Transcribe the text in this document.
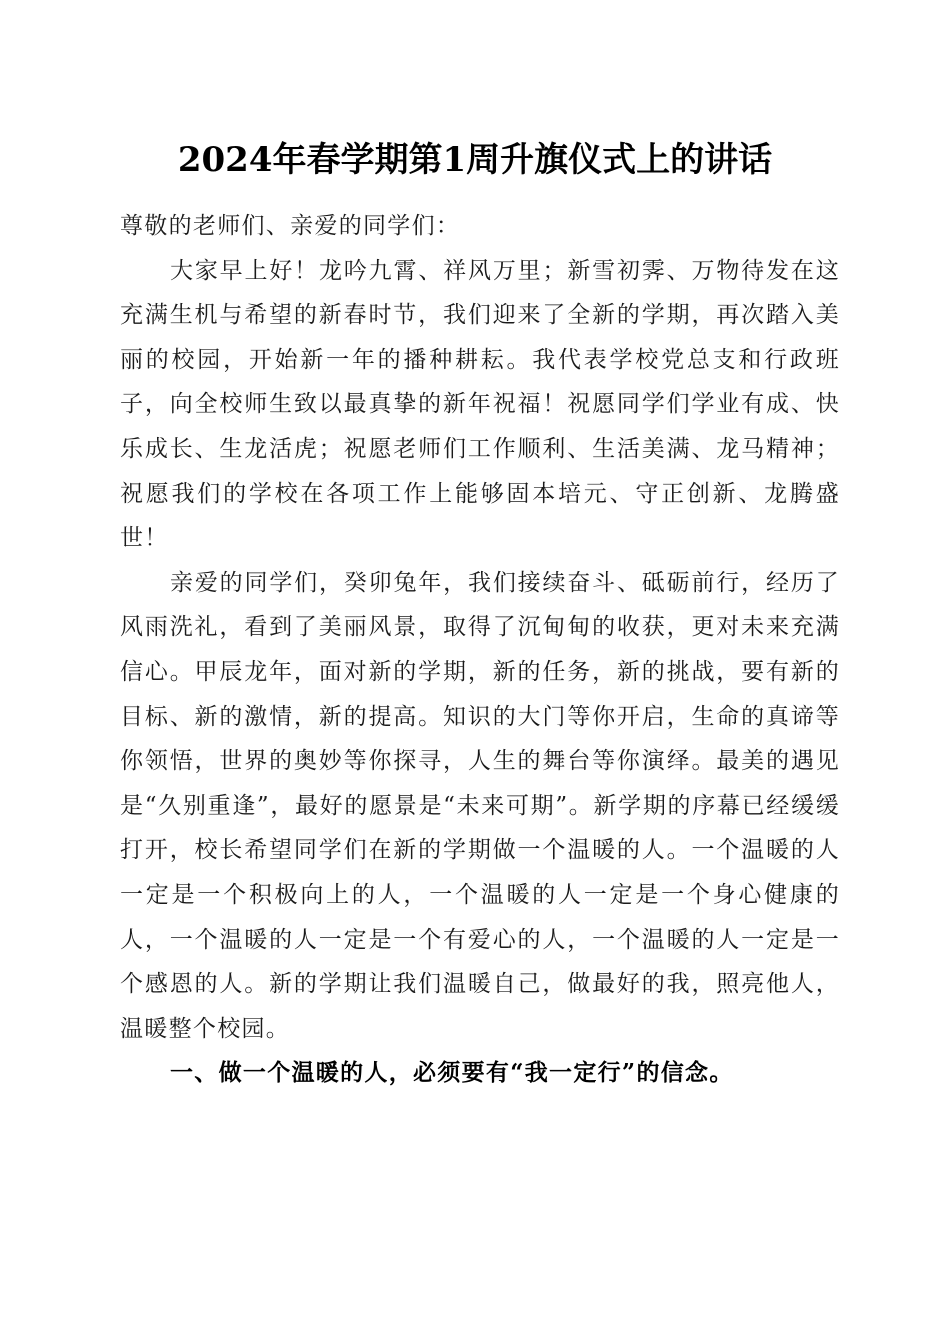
2024年春学期第1周升旗仪式上的讲话

尊敬的老师们、亲爱的同学们：

大家早上好！龙吟九霄、祥风万里；新雪初霁、万物待发在这充满生机与希望的新春时节，我们迎来了全新的学期，再次踏入美丽的校园，开始新一年的播种耕耘。我代表学校党总支和行政班子，向全校师生致以最真挚的新年祝福！祝愿同学们学业有成、快乐成长、生龙活虎；祝愿老师们工作顺利、生活美满、龙马精神；祝愿我们的学校在各项工作上能够固本培元、守正创新、龙腾盛世！

亲爱的同学们，癸卯兔年，我们接续奋斗、砥砺前行，经历了风雨洗礼，看到了美丽风景，取得了沉甸甸的收获，更对未来充满信心。甲辰龙年，面对新的学期，新的任务，新的挑战，要有新的目标、新的激情，新的提高。知识的大门等你开启，生命的真谛等你领悟，世界的奥妙等你探寻，人生的舞台等你演绎。最美的遇见是“久别重逢”，最好的愿景是“未来可期”。新学期的序幕已经缓缓打开，校长希望同学们在新的学期做一个温暖的人。一个温暖的人一定是一个积极向上的人，一个温暖的人一定是一个身心健康的人，一个温暖的人一定是一个有爱心的人，一个温暖的人一定是一个感恩的人。新的学期让我们温暖自己，做最好的我，照亮他人，温暖整个校园。

一、做一个温暖的人，必须要有“我一定行”的信念。
